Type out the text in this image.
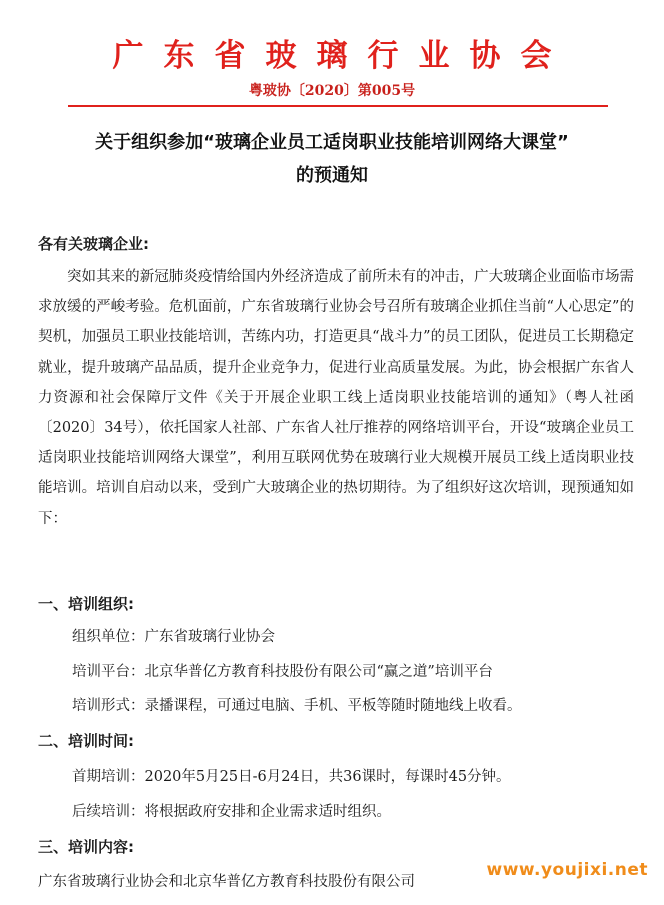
广东省玻璃行业协会
粤玻协〔2020〕第005号
关于组织参加“玻璃企业员工适岗职业技能培训网络大课堂”
的预通知
各有关玻璃企业:

突如其来的新冠肺炎疫情给国内外经济造成了前所未有的冲击，广大玻璃企业面临市场需求放缓的严峻考验。危机面前，广东省玻璃行业协会号召所有玻璃企业抓住当前“人心思定”的契机，加强员工职业技能培训，苦练内功，打造更具“战斗力”的员工团队，促进员工长期稳定就业，提升玻璃产品品质，提升企业竞争力，促进行业高质量发展。为此，协会根据广东省人力资源和社会保障厅文件《关于开展企业职工线上适岗职业技能培训的通知》（粤人社函〔2020〕34号），依托国家人社部、广东省人社厅推荐的网络培训平台，开设“玻璃企业员工适岗职业技能培训网络大课堂”，利用互联网优势在玻璃行业大规模开展员工线上适岗职业技能培训。培训自启动以来，受到广大玻璃企业的热切期待。为了组织好这次培训，现预通知如下：

一、培训组织:
组织单位：广东省玻璃行业协会
培训平台：北京华普亿方教育科技股份有限公司“赢之道”培训平台
培训形式：录播课程，可通过电脑、手机、平板等随时随地线上收看。
二、培训时间:
首期培训：2020年5月25日-6月24日，共36课时，每课时45分钟。
后续培训：将根据政府安排和企业需求适时组织。
三、培训内容:
广东省玻璃行业协会和北京华普亿方教育科技股份有限公司
www.youjixi.net
